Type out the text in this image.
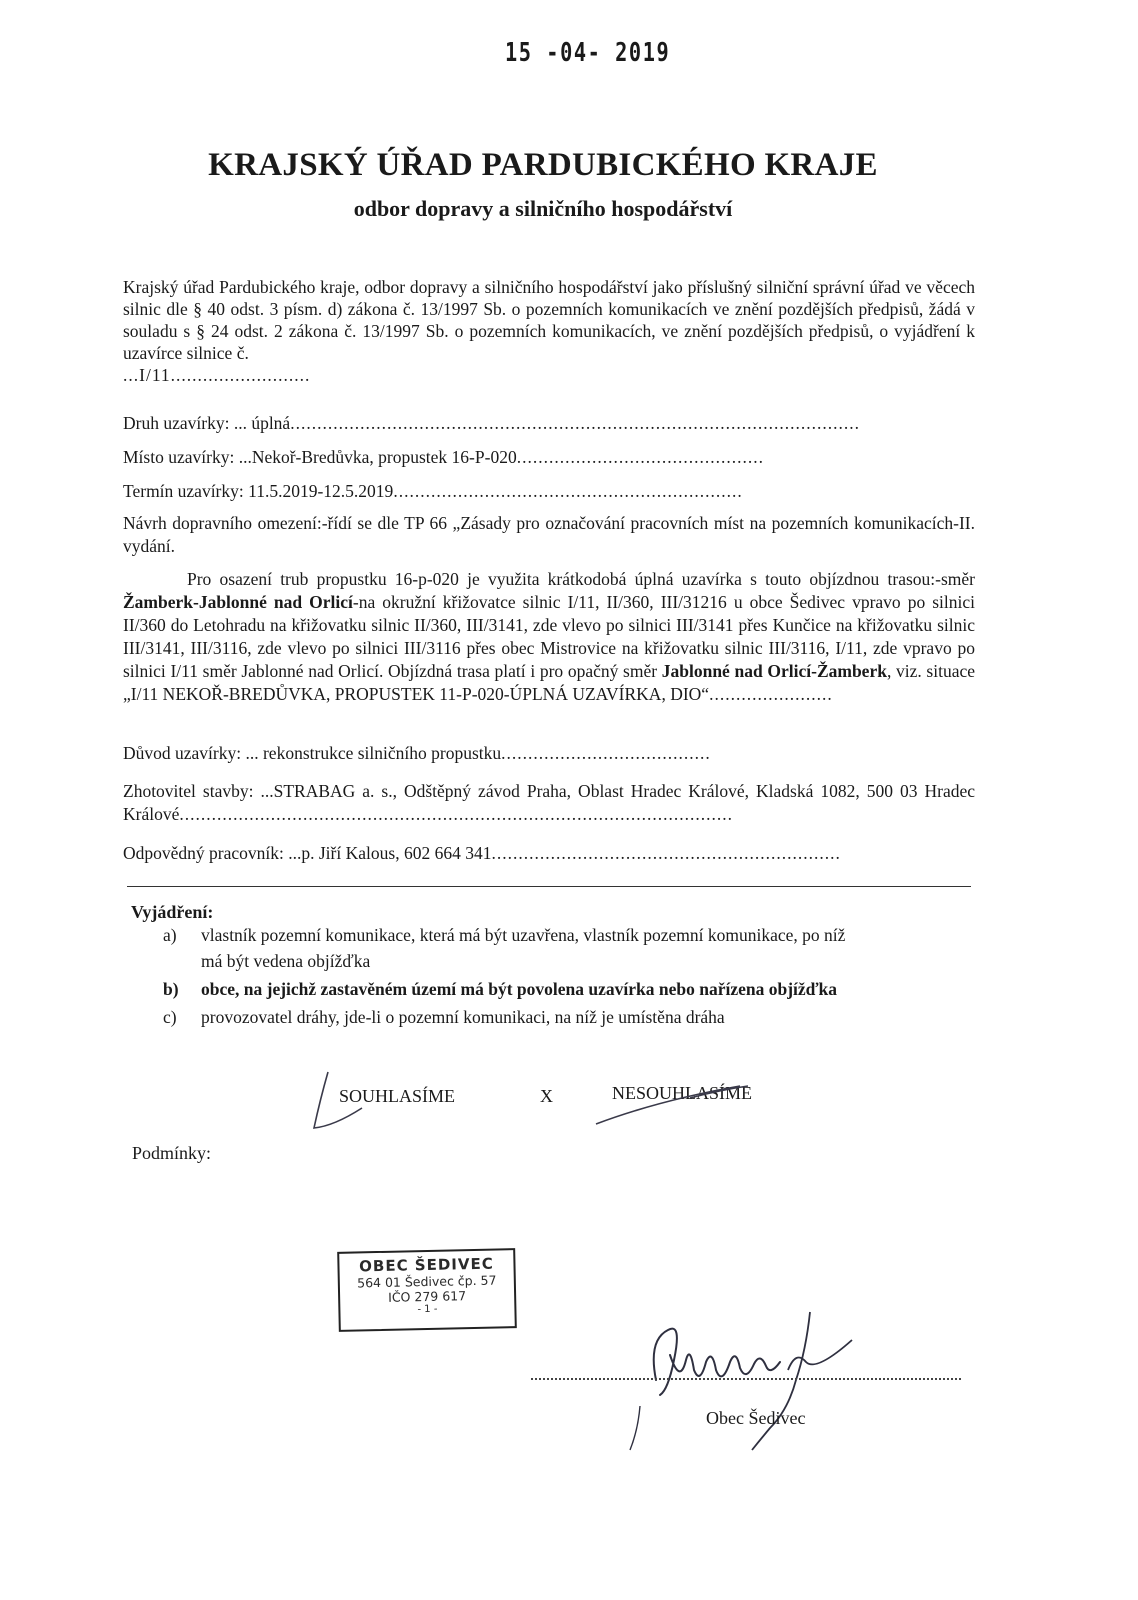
15 -04- 2019
KRAJSKÝ ÚŘAD PARDUBICKÉHO KRAJE
odbor dopravy a silničního hospodářství
Krajský úřad Pardubického kraje, odbor dopravy a silničního hospodářství jako příslušný silniční správní úřad ve věcech silnic dle § 40 odst. 3 písm. d) zákona č. 13/1997 Sb. o pozemních komunikacích ve znění pozdějších předpisů, žádá v souladu s § 24 odst. 2 zákona č. 13/1997 Sb. o pozemních komunikacích, ve znění pozdějších předpisů, o vyjádření k uzavírce silnice č.
...I/11..........................
Druh uzavírky: ... úplná..........................................................................................................
Místo uzavírky: ...Nekoř-Bredůvka, propustek 16-P-020..............................................
Termín uzavírky: 11.5.2019-12.5.2019.................................................................
Návrh dopravního omezení:-řídí se dle TP 66 „Zásady pro označování pracovních míst na pozemních komunikacích-II. vydání.
Pro osazení trub propustku 16-p-020 je využita krátkodobá úplná uzavírka s touto objízdnou trasou:-směr Žamberk-Jablonné nad Orlicí-na okružní křižovatce silnic I/11, II/360, III/31216 u obce Šedivec vpravo po silnici II/360 do Letohradu na křižovatku silnic II/360, III/3141, zde vlevo po silnici III/3141 přes Kunčice na křižovatku silnic III/3141, III/3116, zde vlevo po silnici III/3116 přes obec Mistrovice na křižovatku silnic III/3116, I/11, zde vpravo po silnici I/11 směr Jablonné nad Orlicí. Objízdná trasa platí i pro opačný směr Jablonné nad Orlicí-Žamberk, viz. situace „I/11 NEKOŘ-BREDŮVKA, PROPUSTEK 11-P-020-ÚPLNÁ UZAVÍRKA, DIO“.......................
Důvod uzavírky: ... rekonstrukce silničního propustku.......................................
Zhotovitel stavby: ...STRABAG a. s., Odštěpný závod Praha, Oblast Hradec Králové, Kladská 1082, 500 03 Hradec Králové.......................................................................................................
Odpovědný pracovník: ...p. Jiří Kalous, 602 664 341.................................................................
Vyjádření:
a) vlastník pozemní komunikace, která má být uzavřena, vlastník pozemní komunikace, po níž
má být vedena objížďka
b) obce, na jejichž zastavěném území má být povolena uzavírka nebo nařízena objížďka
c) provozovatel dráhy, jde-li o pozemní komunikaci, na níž je umístěna dráha
SOUHLASÍME	X	NESOUHLASÍME
Podmínky:
OBEC ŠEDIVEC
564 01 Šedivec čp. 57
IČO 279 617
- 1 -
Obec Šedivec
